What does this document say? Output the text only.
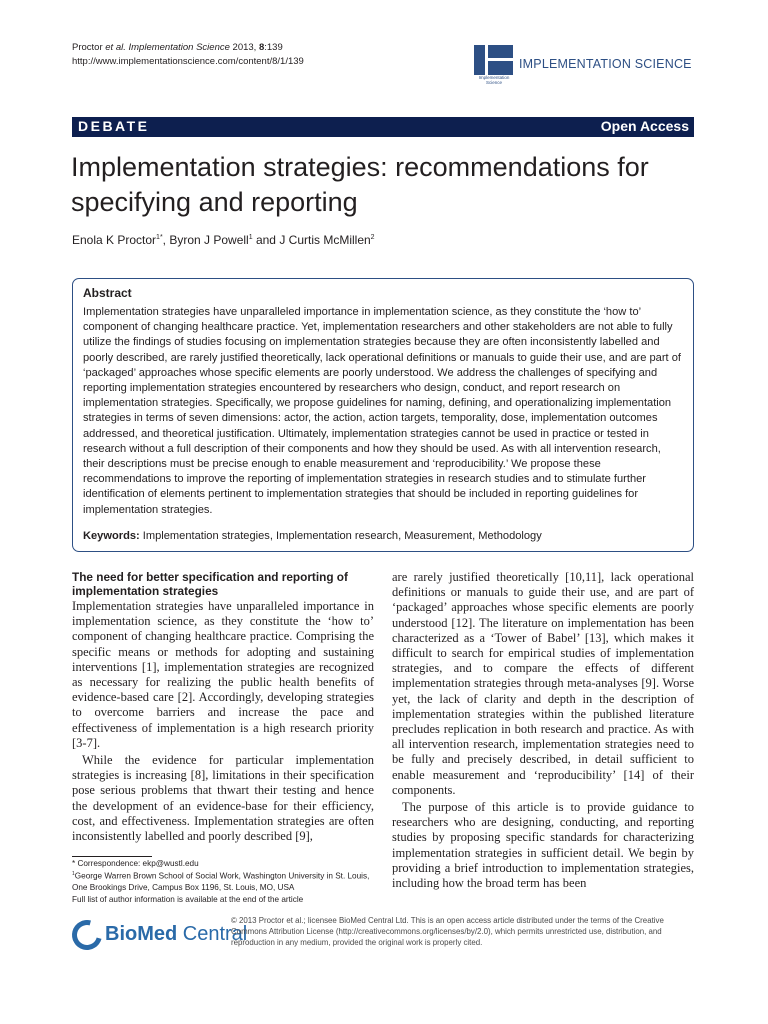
Proctor et al. Implementation Science 2013, 8:139
http://www.implementationscience.com/content/8/1/139
Implementation Science
IMPLEMENTATION SCIENCE
DEBATE	Open Access
Implementation strategies: recommendations for specifying and reporting
Enola K Proctor$^{1*}$, Byron J Powell$^1$ and J Curtis McMillen$^2$
Abstract
Implementation strategies have unparalleled importance in implementation science, as they constitute the ‘how to’ component of changing healthcare practice. Yet, implementation researchers and other stakeholders are not able to fully utilize the findings of studies focusing on implementation strategies because they are often inconsistently labelled and poorly described, are rarely justified theoretically, lack operational definitions or manuals to guide their use, and are part of ‘packaged’ approaches whose specific elements are poorly understood. We address the challenges of specifying and reporting implementation strategies encountered by researchers who design, conduct, and report research on implementation strategies. Specifically, we propose guidelines for naming, defining, and operationalizing implementation strategies in terms of seven dimensions: actor, the action, action targets, temporality, dose, implementation outcomes addressed, and theoretical justification. Ultimately, implementation strategies cannot be used in practice or tested in research without a full description of their components and how they should be used. As with all intervention research, their descriptions must be precise enough to enable measurement and ‘reproducibility.’ We propose these recommendations to improve the reporting of implementation strategies in research studies and to stimulate further identification of elements pertinent to implementation strategies that should be included in reporting guidelines for implementation strategies.
Keywords: Implementation strategies, Implementation research, Measurement, Methodology
The need for better specification and reporting of implementation strategies

Implementation strategies have unparalleled importance in implementation science, as they constitute the ‘how to’ component of changing healthcare practice. Comprising the specific means or methods for adopting and sustaining interventions [1], implementation strategies are recognized as necessary for realizing the public health benefits of evidence-based care [2]. Accordingly, developing strategies to overcome barriers and increase the pace and effectiveness of implementation is a high research priority [3-7].

While the evidence for particular implementation strategies is increasing [8], limitations in their specification pose serious problems that thwart their testing and hence the development of an evidence-base for their efficiency, cost, and effectiveness. Implementation strategies are often inconsistently labelled and poorly described [9],

are rarely justified theoretically [10,11], lack operational definitions or manuals to guide their use, and are part of ‘packaged’ approaches whose specific elements are poorly understood [12]. The literature on implementation has been characterized as a ‘Tower of Babel’ [13], which makes it difficult to search for empirical studies of implementation strategies, and to compare the effects of different implementation strategies through meta-analyses [9]. Worse yet, the lack of clarity and depth in the description of implementation strategies within the published literature precludes replication in both research and practice. As with all intervention research, implementation strategies need to be fully and precisely described, in detail sufficient to enable measurement and ‘reproducibility’ [14] of their components.

The purpose of this article is to provide guidance to researchers who are designing, conducting, and reporting studies by proposing specific standards for characterizing implementation strategies in sufficient detail. We begin by providing a brief introduction to implementation strategies, including how the broad term has been

* Correspondence: ekp@wustl.edu
$^1$George Warren Brown School of Social Work, Washington University in St. Louis, One Brookings Drive, Campus Box 1196, St. Louis, MO, USA
Full list of author information is available at the end of the article
BioMed Central
© 2013 Proctor et al.; licensee BioMed Central Ltd. This is an open access article distributed under the terms of the Creative Commons Attribution License (http://creativecommons.org/licenses/by/2.0), which permits unrestricted use, distribution, and reproduction in any medium, provided the original work is properly cited.
